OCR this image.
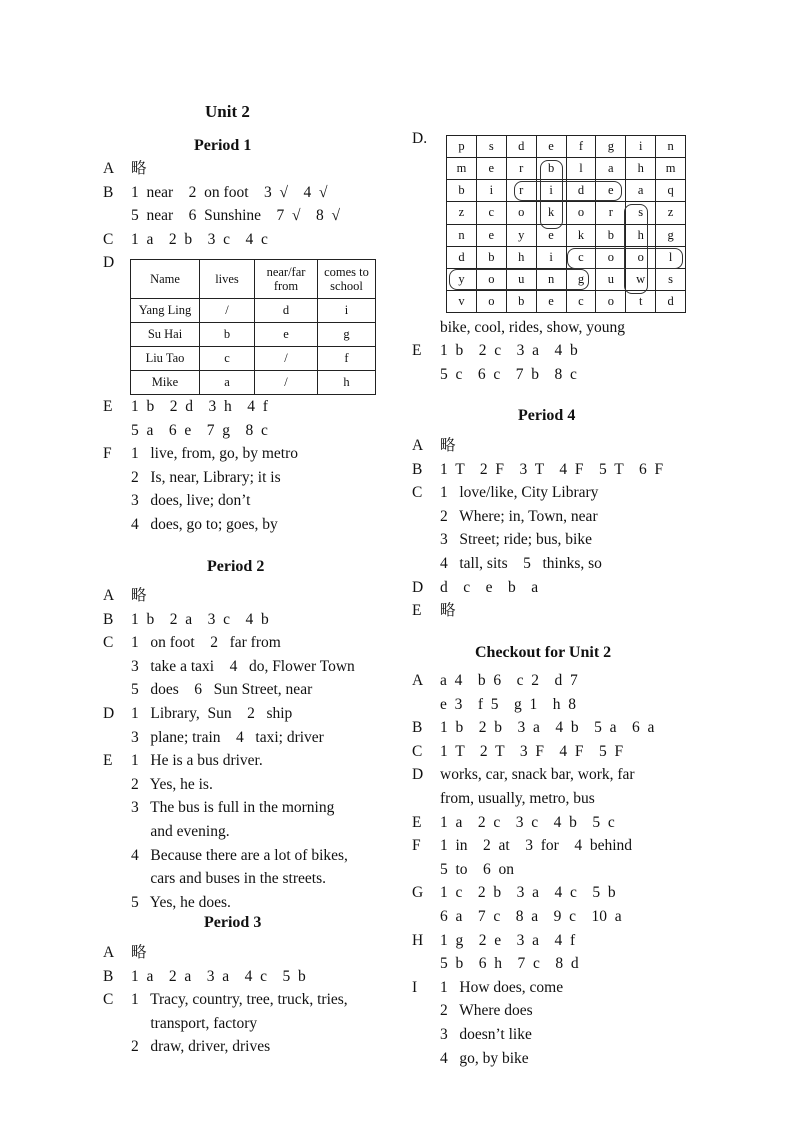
Unit 2
Period 1
A 略
B 1  near    2  on foot    3  √    4  √
5  near    6  Sunshine    7  √    8  √
C 1  a    2  b    3  c    4  c
D
Name	lives	near/far from	comes to school
Yang Ling	/	d	i
Su Hai	b	e	g
Liu Tao	c	/	f
Mike	a	/	h
E 1  b    2  d    3  h    4  f
5  a    6  e    7  g    8  c
F 1   live, from, go, by metro
2   Is, near, Library; it is
3   does, live; don’t
4   does, go to; goes, by
Period 2
A 略
B 1  b    2  a    3  c    4  b
C 1   on foot    2   far from
3   take a taxi    4   do, Flower Town
5   does    6   Sun Street, near
D 1   Library,  Sun    2   ship
3   plane; train    4   taxi; driver
E 1   He is a bus driver.
2   Yes, he is.
3   The bus is full in the morning
and evening.
4   Because there are a lot of bikes,
cars and buses in the streets.
5   Yes, he does.
Period 3
A 略
B 1  a    2  a    3  a    4  c    5  b
C 1   Tracy, country, tree, truck, tries,
transport, factory
2   draw, driver, drives
D. p	s	d	e	f	g	i	n
m	e	r	b	l	a	h	m
b	i	r	i	d	e	a	q
z	c	o	k	o	r	s	z
n	e	y	e	k	b	h	g
d	b	h	i	c	o	o	l
y	o	u	n	g	u	w	s
v	o	b	e	c	o	t	d
bike, cool, rides, show, young
E 1  b    2  c    3  a    4  b
5  c    6  c    7  b    8  c
Period 4
A 略
B 1  T    2  F    3  T    4  F    5  T    6  F
C 1   love/like, City Library
2   Where; in, Town, near
3   Street; ride; bus, bike
4   tall, sits    5   thinks, so
D d    c    e    b    a
E 略
Checkout for Unit 2
A a  4    b  6    c  2    d  7
e  3    f  5    g  1    h  8
B 1  b    2  b    3  a    4  b    5  a    6  a
C 1  T    2  T    3  F    4  F    5  F
D works, car, snack bar, work, far
from, usually, metro, bus
E 1  a    2  c    3  c    4  b    5  c
F 1  in    2  at    3  for    4  behind
5  to    6  on
G 1  c    2  b    3  a    4  c    5  b
6  a    7  c    8  a    9  c    10  a
H 1  g    2  e    3  a    4  f
5  b    6  h    7  c    8  d
I 1   How does, come
2   Where does
3   doesn’t like
4   go, by bike
